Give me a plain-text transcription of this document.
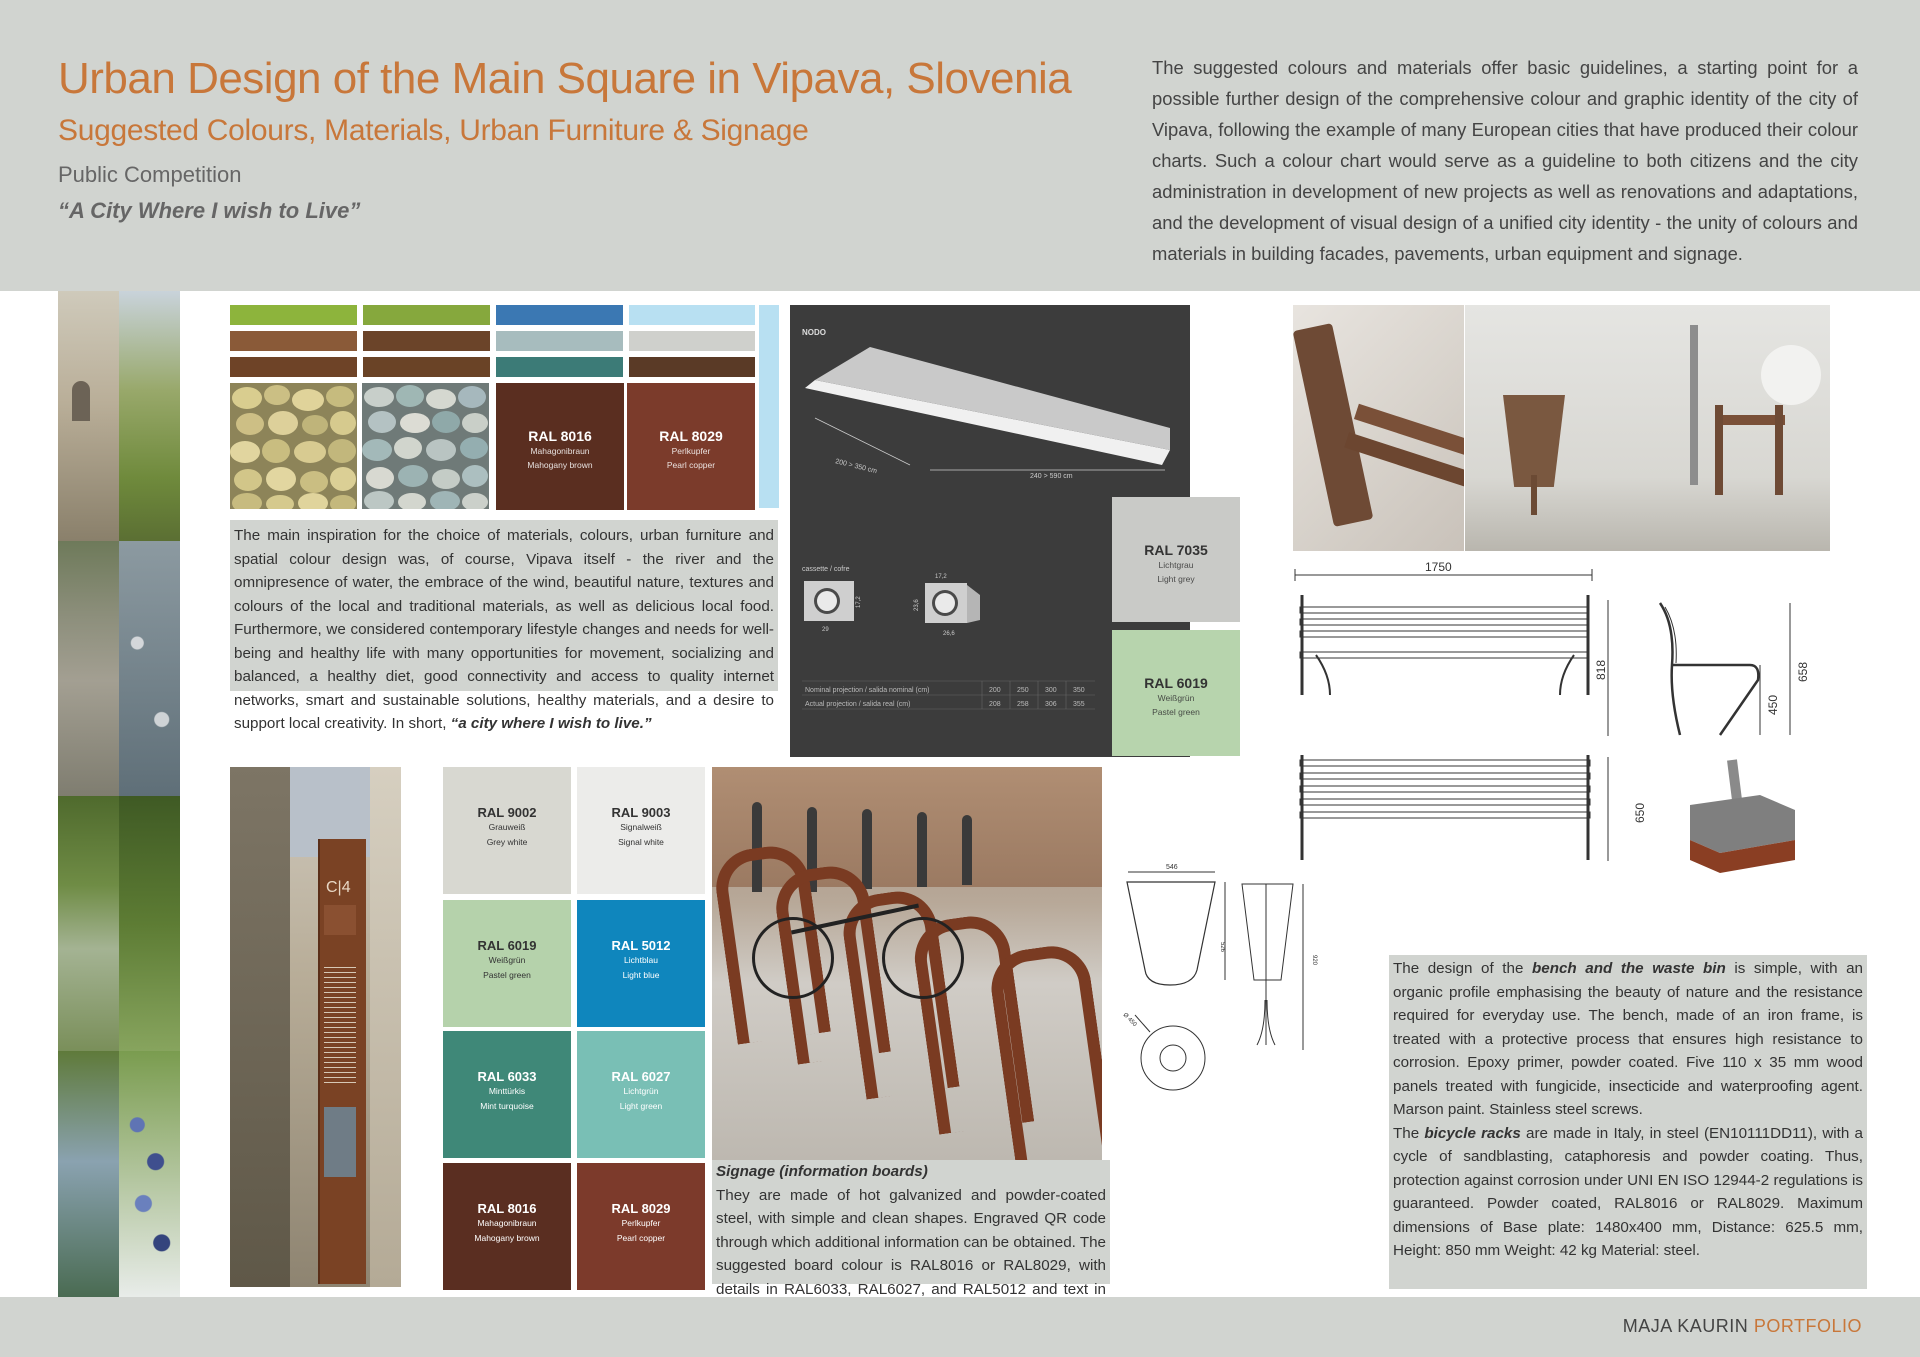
Urban Design of the Main Square in Vipava, Slovenia
Suggested Colours, Materials, Urban Furniture & Signage
Public Competition
“A City Where I wish to Live”
The suggested colours and materials offer basic guidelines, a starting point for a possible further design of the comprehensive colour and graphic identity of the city of Vipava, following the example of many European cities that have produced their colour charts. Such a colour chart would serve as a guideline to both citizens and the city administration in development of new projects as well as renovations and adaptations, and the development of visual design of a unified city identity - the unity of colours and materials in building facades, pavements, urban equipment and signage.
RAL 8016
Mahagonibraun
Mahogany brown
RAL 8029
Perlkupfer
Pearl copper
The main inspiration for the choice of materials, colours, urban furniture and spatial colour design was, of course, Vipava itself - the river and the omnipresence of water, the embrace of the wind, beautiful nature, textures and colours of the local and traditional materials, as well as delicious local food. Furthermore, we considered contemporary lifestyle changes and needs for well-being and healthy life with many opportunities for movement, socializing and balanced, a healthy diet, good connectivity and access to quality internet networks, smart and sustainable solutions, healthy materials, and a desire to support local creativity. In short, “a city where I wish to live.”
NODO
200 > 350 cm
240 > 590 cm
cassette / cofre
29
17,2
17,2
23,6
26,6
Nominal projection / salida nominal (cm)	200 250 300 350
Actual projection / salida real (cm)	208 258 306 355
RAL 7035
Lichtgrau
Light grey
RAL 6019
Weißgrün
Pastel green
1750
818
450
658
650
546
526
920
Ø 450
C|4
RAL 9002
Grauweiß
Grey white
RAL 9003
Signalweiß
Signal white
RAL 6019
Weißgrün
Pastel green
RAL 5012
Lichtblau
Light blue
RAL 6033
Minttürkis
Mint turquoise
RAL 6027
Lichtgrün
Light green
RAL 8016
Mahagonibraun
Mahogany brown
RAL 8029
Perlkupfer
Pearl copper
Signage (information boards)
They are made of hot galvanized and powder-coated steel, with simple and clean shapes. Engraved QR code through which additional information can be obtained. The suggested board colour is RAL8016 or RAL8029, with details in RAL6033, RAL6027, and RAL5012 and text in
The design of the bench and the waste bin is simple, with an organic profile emphasising the beauty of nature and the resistance required for everyday use. The bench, made of an iron frame, is treated with a protective process that ensures high resistance to corrosion. Epoxy primer, powder coated. Five 110 x 35 mm wood panels treated with fungicide, insecticide and waterproofing agent. Marson paint. Stainless steel screws.
The bicycle racks are made in Italy, in steel (EN10111DD11), with a cycle of sandblasting, cataphoresis and powder coating. Thus, protection against corrosion under UNI EN ISO 12944-2 regulations is guaranteed. Powder coated, RAL8016 or RAL8029. Maximum dimensions of Base plate: 1480x400 mm, Distance: 625.5 mm, Height: 850 mm Weight: 42 kg Material: steel.
MAJA KAURIN PORTFOLIO
